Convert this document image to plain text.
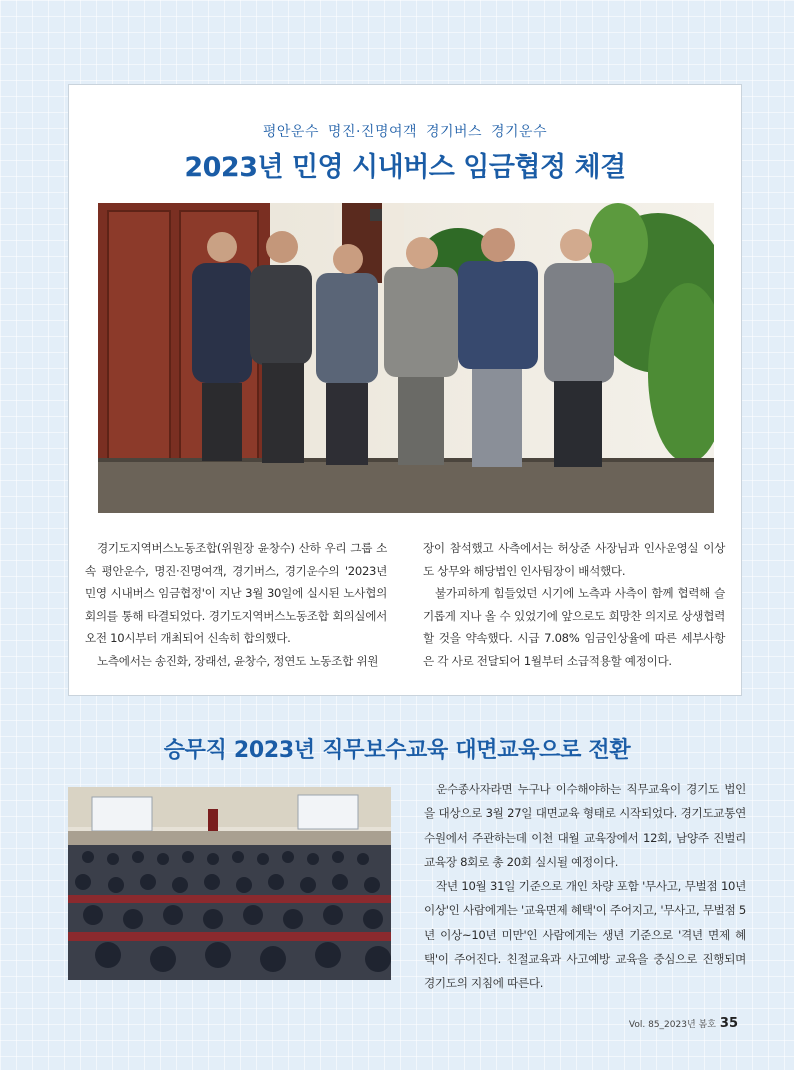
평안운수 명진·진명여객 경기버스 경기운수
2023년 민영 시내버스 임금협정 체결

경기도지역버스노동조합(위원장 윤창수) 산하 우리 그룹 소속 평안운수, 명진·진명여객, 경기버스, 경기운수의 '2023년 민영 시내버스 임금협정'이 지난 3월 30일에 실시된 노사협의회의를 통해 타결되었다. 경기도지역버스노동조합 회의실에서 오전 10시부터 개최되어 신속히 합의했다.

노측에서는 송진화, 장래선, 윤창수, 정연도 노동조합 위원

장이 참석했고 사측에서는 허상준 사장님과 인사운영실 이상도 상무와 해당법인 인사팀장이 배석했다.

불가피하게 힘들었던 시기에 노측과 사측이 함께 협력해 슬기롭게 지나 올 수 있었기에 앞으로도 희망찬 의지로 상생협력할 것을 약속했다. 시급 7.08% 임금인상율에 따른 세부사항은 각 사로 전달되어 1월부터 소급적용할 예정이다.

승무직 2023년 직무보수교육 대면교육으로 전환

운수종사자라면 누구나 이수해야하는 직무교육이 경기도 법인을 대상으로 3월 27일 대면교육 형태로 시작되었다. 경기도교통연수원에서 주관하는데 이천 대월 교육장에서 12회, 남양주 진벌리 교육장 8회로 총 20회 실시될 예정이다.

작년 10월 31일 기준으로 개인 차량 포함 '무사고, 무벌점 10년 이상'인 사람에게는 '교육면제 혜택'이 주어지고, '무사고, 무벌점 5년 이상~10년 미만'인 사람에게는 생년 기준으로 '격년 면제 혜택'이 주어진다. 친절교육과 사고예방 교육을 중심으로 진행되며 경기도의 지침에 따른다.

Vol. 85_2023년 봄호 35
